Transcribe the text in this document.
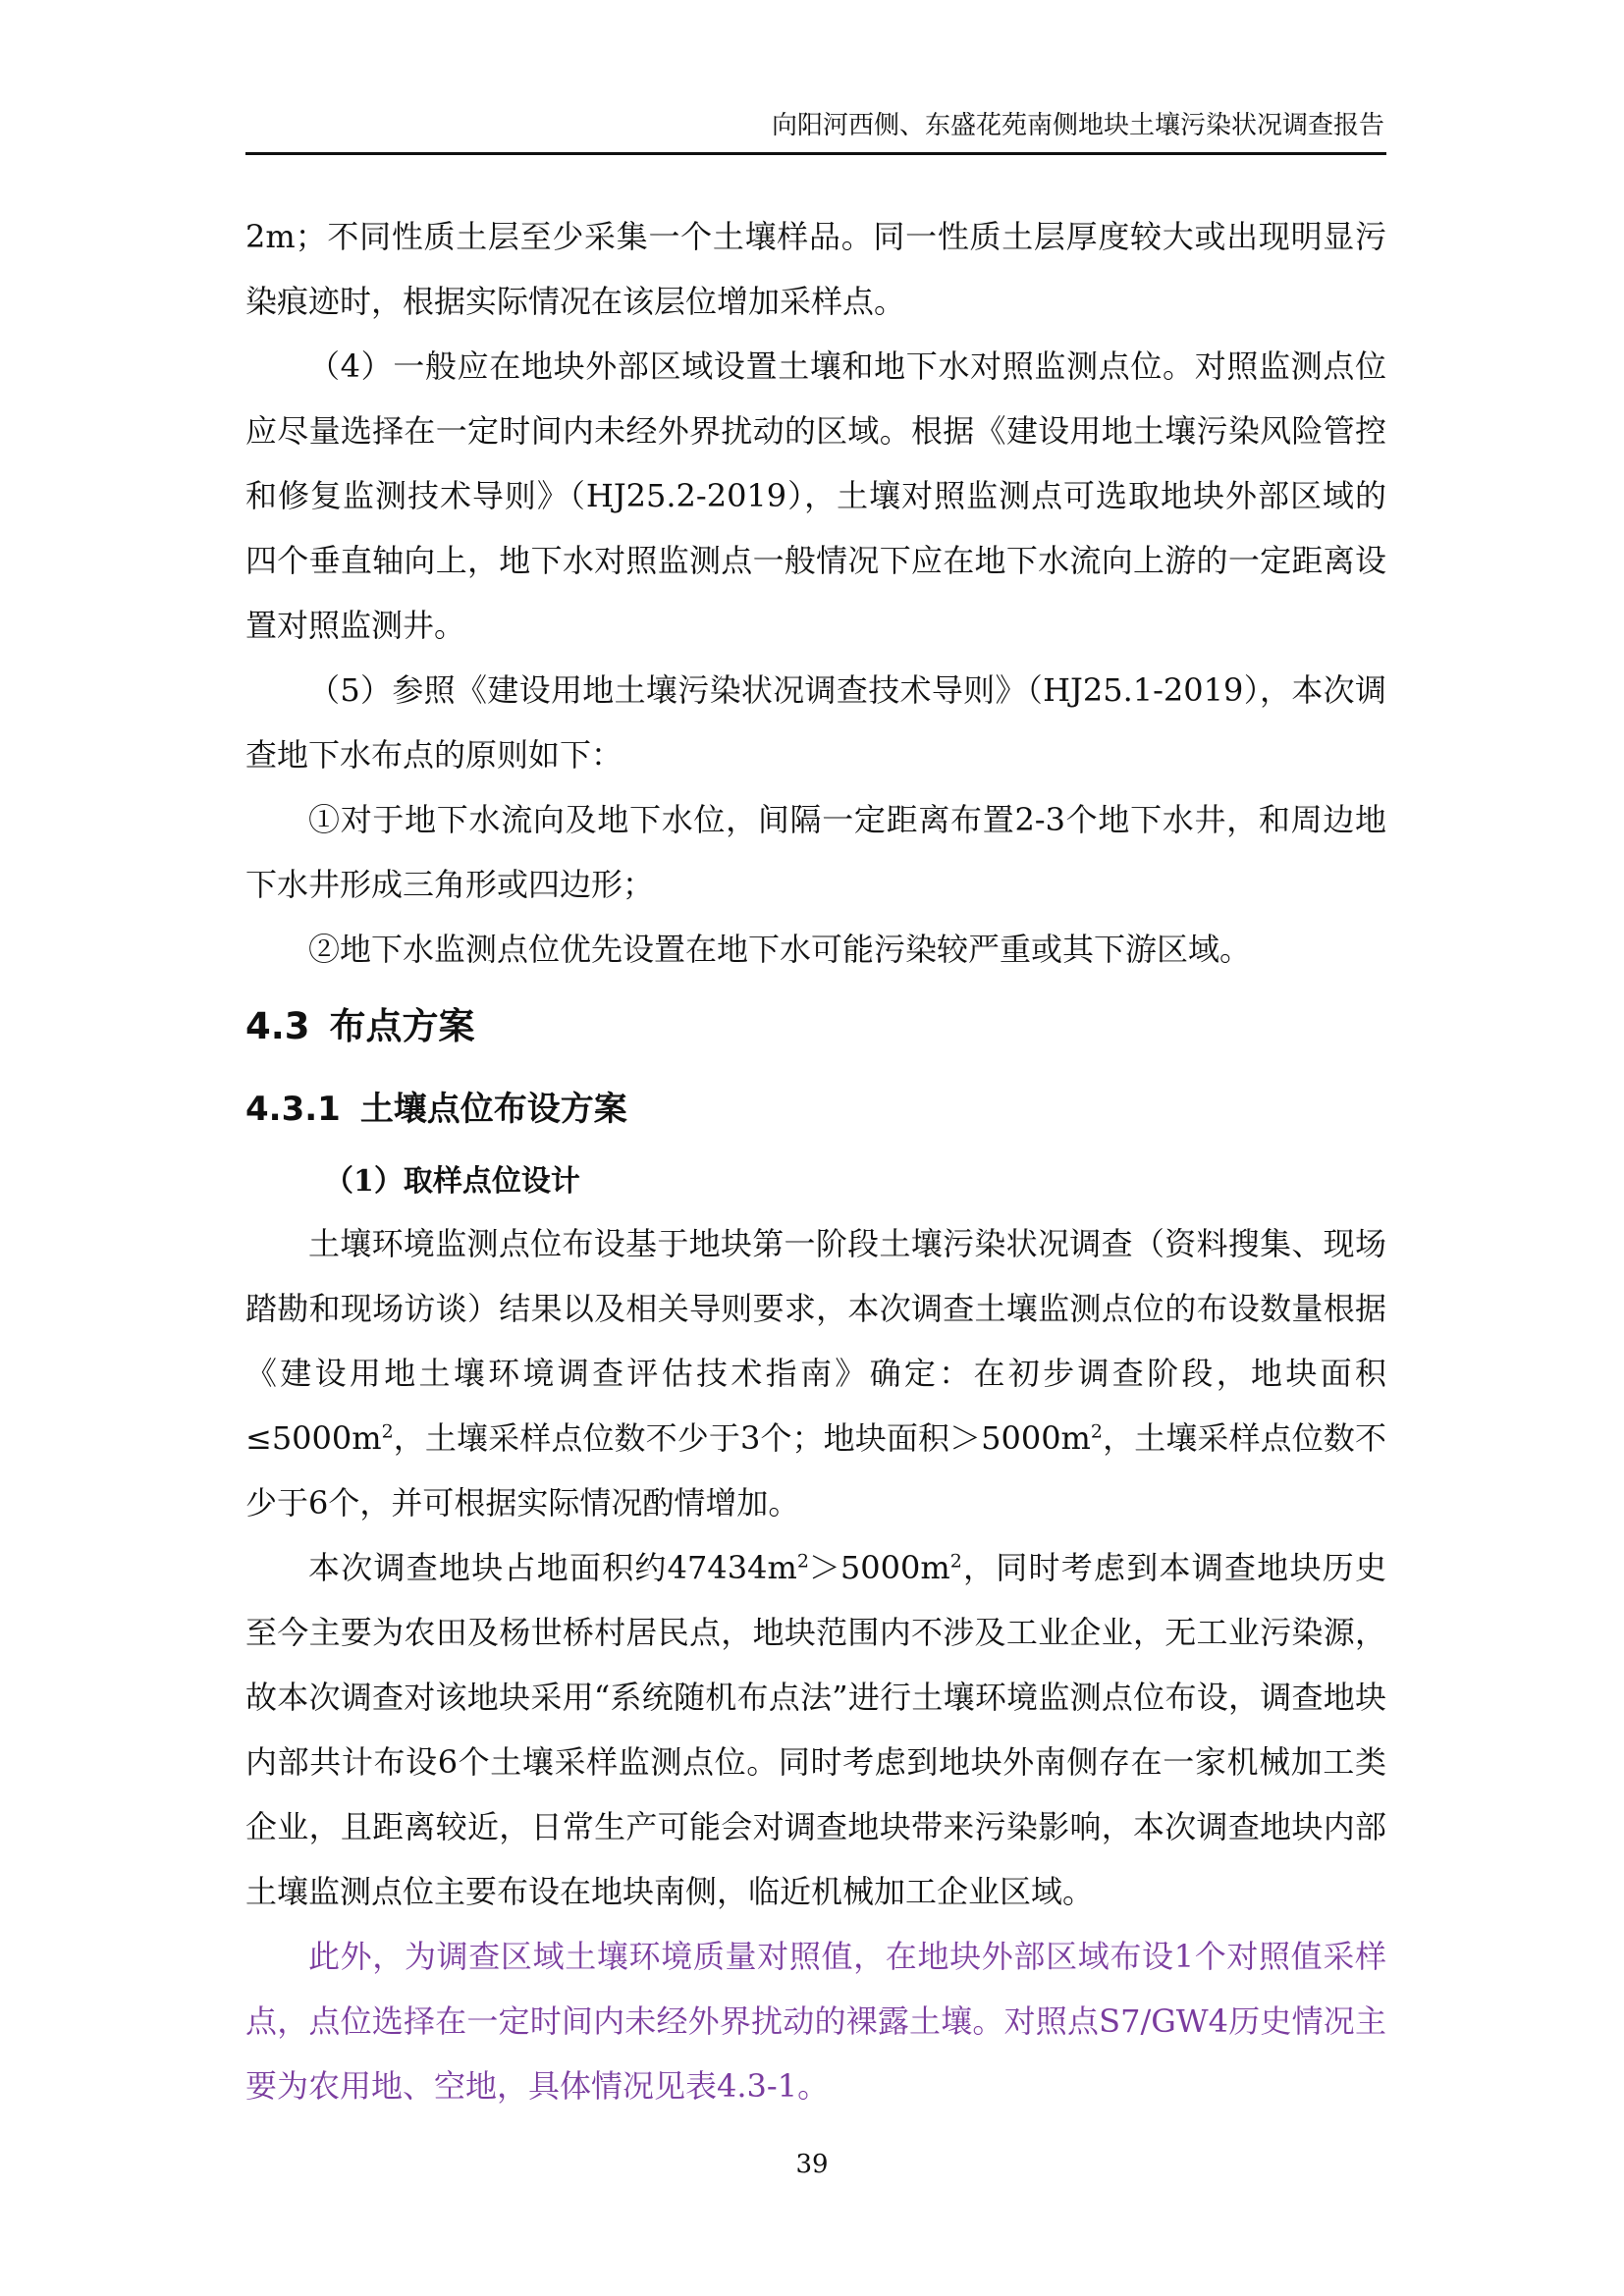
向阳河西侧、东盛花苑南侧地块土壤污染状况调查报告

2m；不同性质土层至少采集一个土壤样品。同一性质土层厚度较大或出现明显污染痕迹时，根据实际情况在该层位增加采样点。

（4）一般应在地块外部区域设置土壤和地下水对照监测点位。对照监测点位应尽量选择在一定时间内未经外界扰动的区域。根据《建设用地土壤污染风险管控和修复监测技术导则》（HJ25.2-2019），土壤对照监测点可选取地块外部区域的四个垂直轴向上，地下水对照监测点一般情况下应在地下水流向上游的一定距离设置对照监测井。

（5）参照《建设用地土壤污染状况调查技术导则》（HJ25.1-2019），本次调查地下水布点的原则如下：

①对于地下水流向及地下水位，间隔一定距离布置2-3个地下水井，和周边地下水井形成三角形或四边形；

②地下水监测点位优先设置在地下水可能污染较严重或其下游区域。

4.3 布点方案
4.3.1 土壤点位布设方案

（1）取样点位设计

土壤环境监测点位布设基于地块第一阶段土壤污染状况调查（资料搜集、现场踏勘和现场访谈）结果以及相关导则要求，本次调查土壤监测点位的布设数量根据《建设用地土壤环境调查评估技术指南》确定：在初步调查阶段，地块面积$\le 5000m^2$，土壤采样点位数不少于3个；地块面积$>5000m^2$，土壤采样点位数不少于6个，并可根据实际情况酌情增加。

本次调查地块占地面积约$47434m^2>5000m^2$，同时考虑到本调查地块历史至今主要为农田及杨世桥村居民点，地块范围内不涉及工业企业，无工业污染源，故本次调查对该地块采用“系统随机布点法”进行土壤环境监测点位布设，调查地块内部共计布设6个土壤采样监测点位。同时考虑到地块外南侧存在一家机械加工类企业，且距离较近，日常生产可能会对调查地块带来污染影响，本次调查地块内部土壤监测点位主要布设在地块南侧，临近机械加工企业区域。

此外，为调查区域土壤环境质量对照值，在地块外部区域布设1个对照值采样点，点位选择在一定时间内未经外界扰动的裸露土壤。对照点S7/GW4历史情况主要为农用地、空地，具体情况见表4.3-1。

39
